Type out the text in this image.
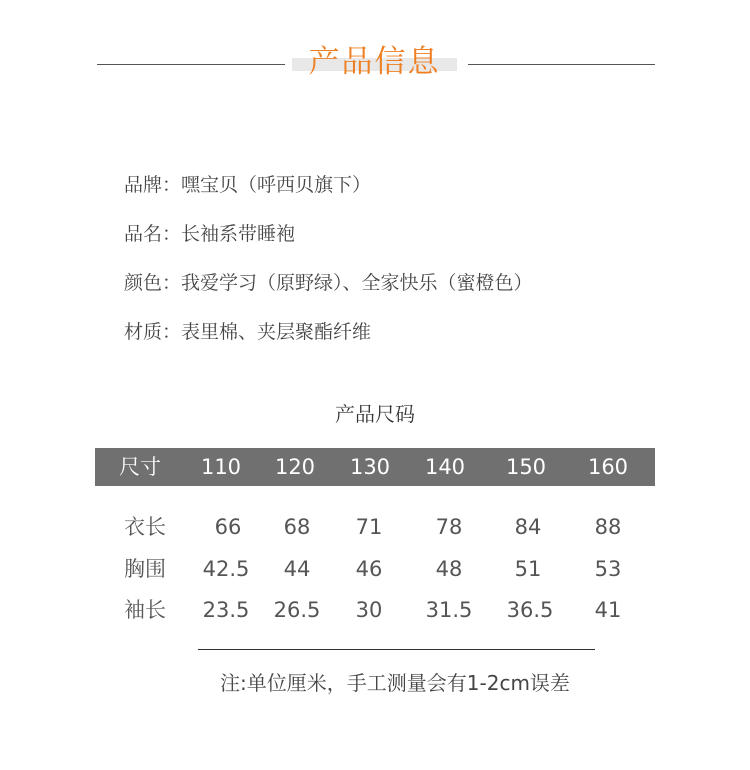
产品信息
品牌：嘿宝贝（呼西贝旗下）
品名：长袖系带睡袍
颜色：我爱学习（原野绿）、全家快乐（蜜橙色）
材质：表里棉、夹层聚酯纤维
产品尺码
尺寸	110	120	130	140	150	160
衣长	66	68	71	78	84	88
胸围	42.5	44	46	48	51	53
袖长	23.5	26.5	30	31.5	36.5	41
注:单位厘米，手工测量会有1-2cm误差
